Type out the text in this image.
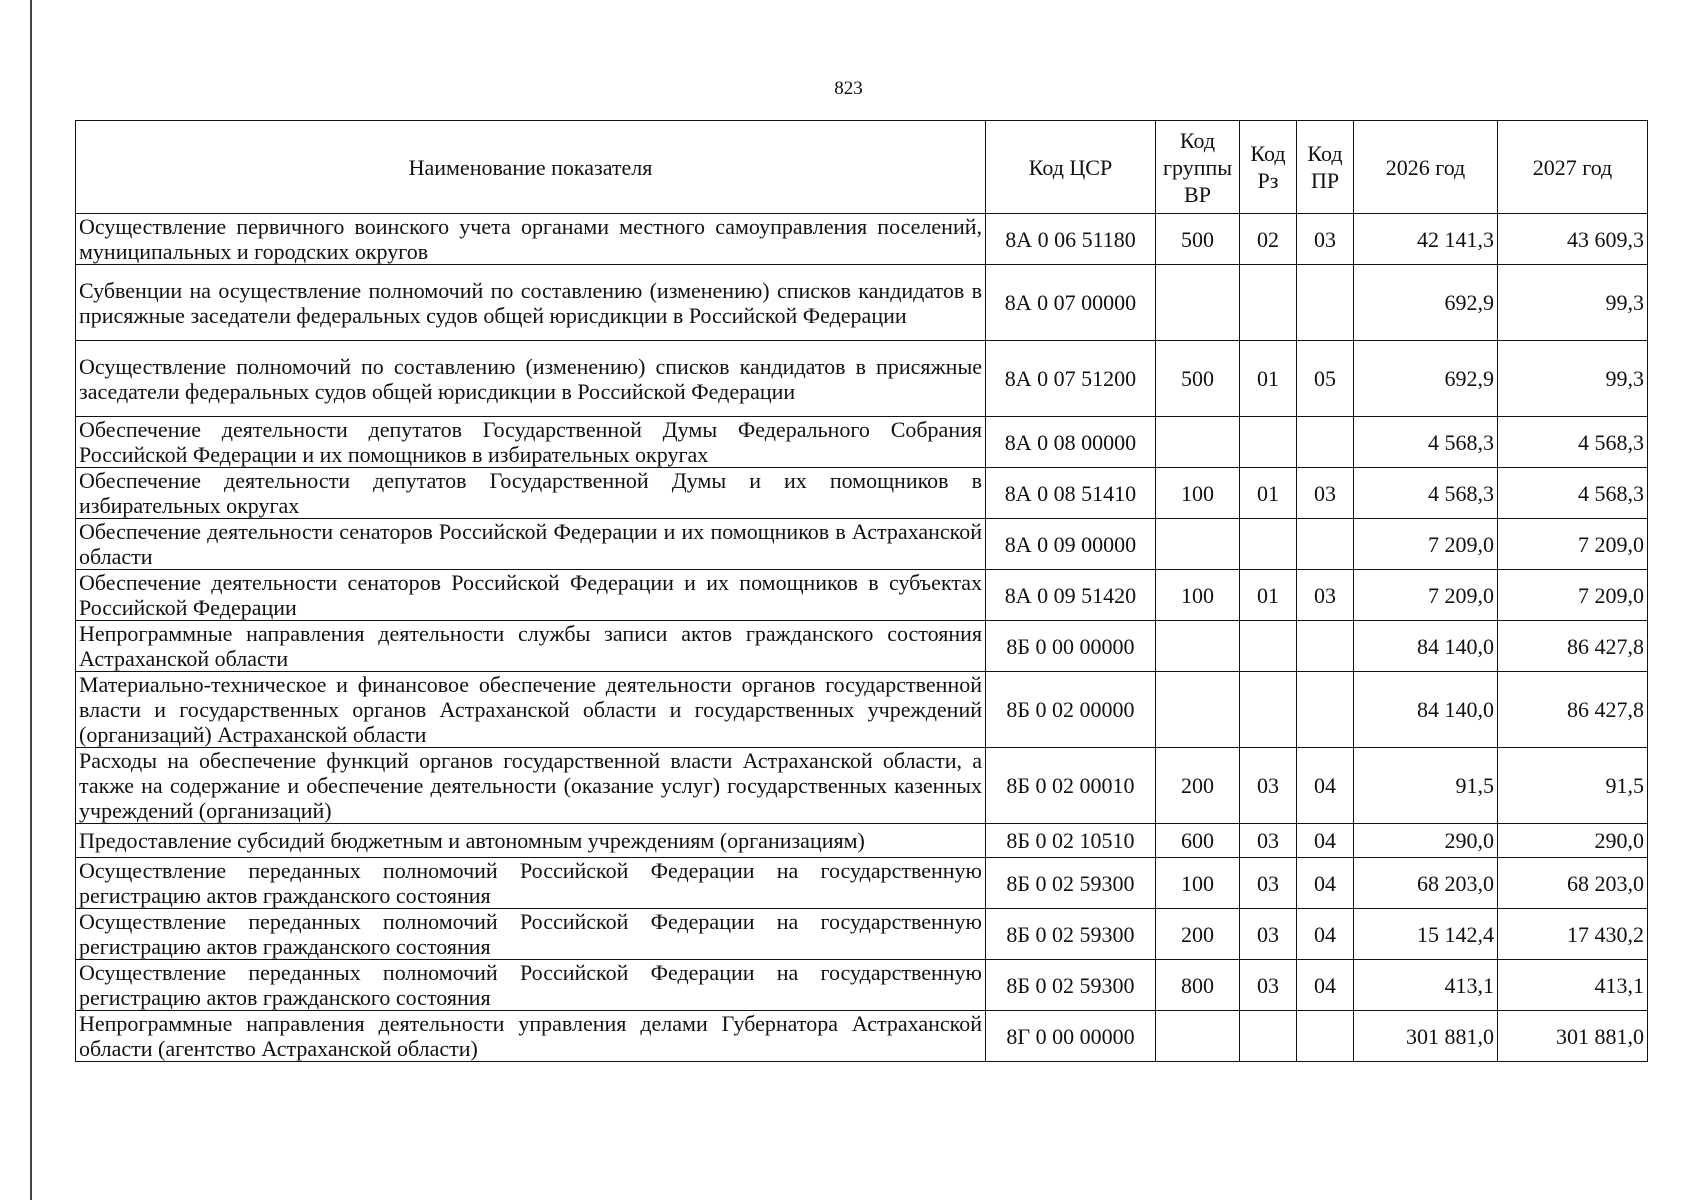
823
Наименование показателя	Код ЦСР	Код группы ВР	Код Рз	Код ПР	2026 год	2027 год
Осуществление первичного воинского учета органами местного самоуправления поселений, муниципальных и городских округов	8А 0 06 51180	500	02	03	42 141,3	43 609,3
Субвенции на осуществление полномочий по составлению (изменению) списков кандидатов в присяжные заседатели федеральных судов общей юрисдикции в Российской Федерации	8А 0 07 00000				692,9	99,3
Осуществление полномочий по составлению (изменению) списков кандидатов в присяжные заседатели федеральных судов общей юрисдикции в Российской Федерации	8А 0 07 51200	500	01	05	692,9	99,3
Обеспечение деятельности депутатов Государственной Думы Федерального Собрания Российской Федерации и их помощников в избирательных округах	8А 0 08 00000				4 568,3	4 568,3
Обеспечение деятельности депутатов Государственной Думы и их помощников в избирательных округах	8А 0 08 51410	100	01	03	4 568,3	4 568,3
Обеспечение деятельности сенаторов Российской Федерации и их помощников в Астраханской области	8А 0 09 00000				7 209,0	7 209,0
Обеспечение деятельности сенаторов Российской Федерации и их помощников в субъектах Российской Федерации	8А 0 09 51420	100	01	03	7 209,0	7 209,0
Непрограммные направления деятельности службы записи актов гражданского состояния Астраханской области	8Б 0 00 00000				84 140,0	86 427,8
Материально-техническое и финансовое обеспечение деятельности органов государственной власти и государственных органов Астраханской области и государственных учреждений (организаций) Астраханской области	8Б 0 02 00000				84 140,0	86 427,8
Расходы на обеспечение функций органов государственной власти Астраханской области, а также на содержание и обеспечение деятельности (оказание услуг) государственных казенных учреждений (организаций)	8Б 0 02 00010	200	03	04	91,5	91,5
Предоставление субсидий бюджетным и автономным учреждениям (организациям)	8Б 0 02 10510	600	03	04	290,0	290,0
Осуществление переданных полномочий Российской Федерации на государственную регистрацию актов гражданского состояния	8Б 0 02 59300	100	03	04	68 203,0	68 203,0
Осуществление переданных полномочий Российской Федерации на государственную регистрацию актов гражданского состояния	8Б 0 02 59300	200	03	04	15 142,4	17 430,2
Осуществление переданных полномочий Российской Федерации на государственную регистрацию актов гражданского состояния	8Б 0 02 59300	800	03	04	413,1	413,1
Непрограммные направления деятельности управления делами Губернатора Астраханской области (агентство Астраханской области)	8Г 0 00 00000				301 881,0	301 881,0
